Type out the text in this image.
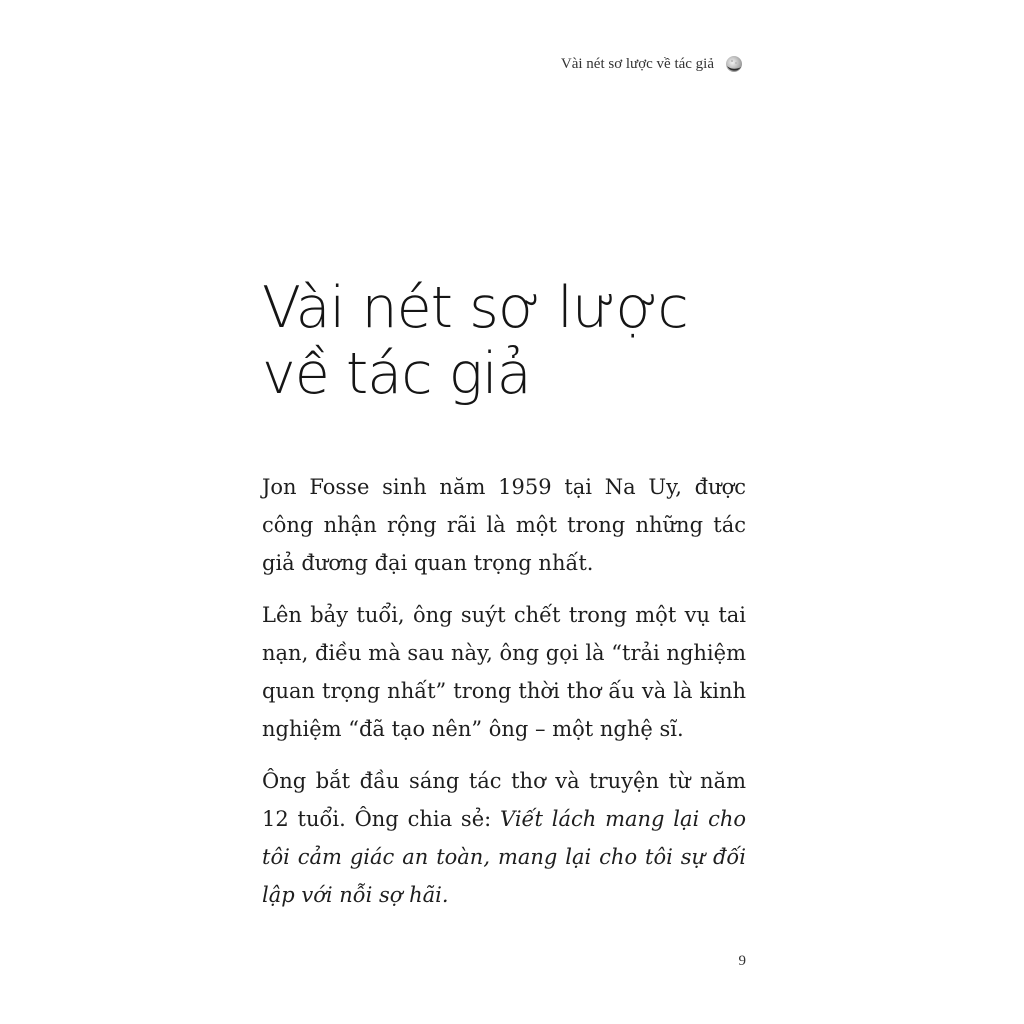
Vài nét sơ lược về tác giả
Vài nét sơ lược
về tác giả

Jon Fosse sinh năm 1959 tại Na Uy, được công nhận rộng rãi là một trong những tác giả đương đại quan trọng nhất.

Lên bảy tuổi, ông suýt chết trong một vụ tai nạn, điều mà sau này, ông gọi là “trải nghiệm quan trọng nhất” trong thời thơ ấu và là kinh nghiệm “đã tạo nên” ông – một nghệ sĩ.

Ông bắt đầu sáng tác thơ và truyện từ năm 12 tuổi. Ông chia sẻ: Viết lách mang lại cho tôi cảm giác an toàn, mang lại cho tôi sự đối lập với nỗi sợ hãi.

9
